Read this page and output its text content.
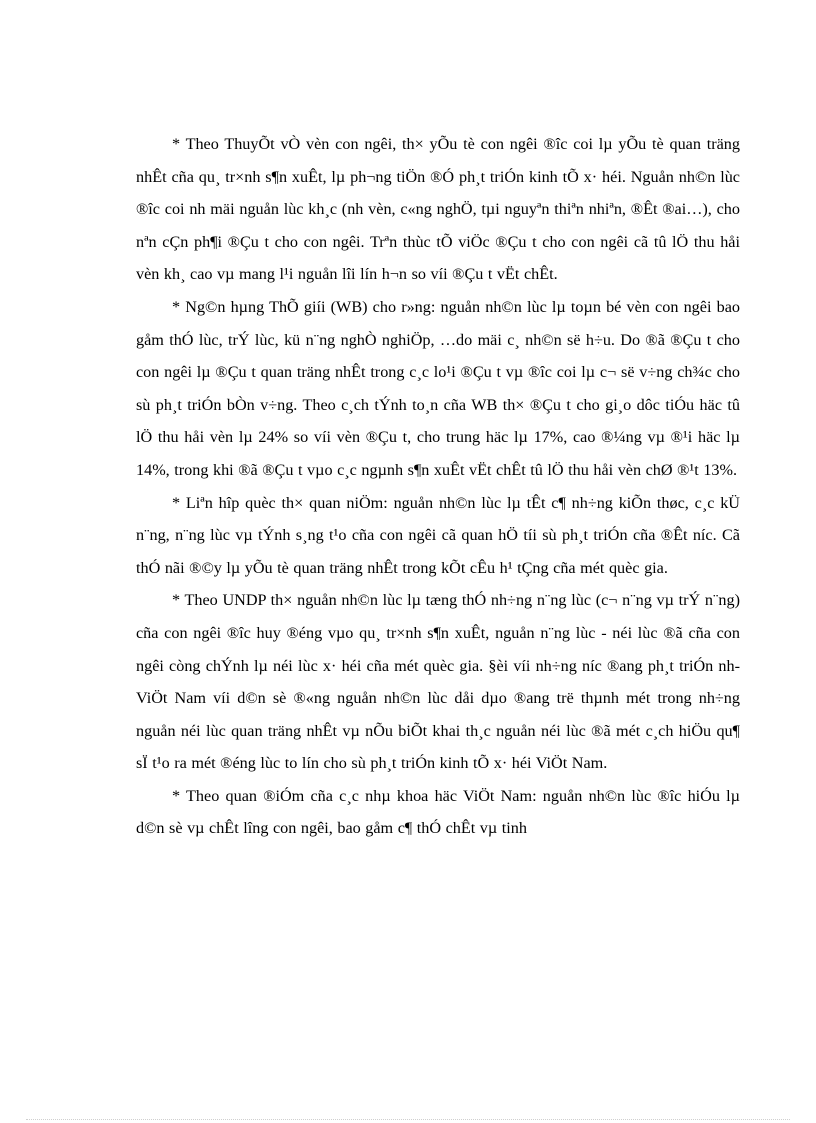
* Theo ThuyÕt vÒ vèn con ngêi, th× yÕu tè con ngêi ®îc coi lµ yÕu tè quan träng nhÊt cña qu¸ tr×nh s¶n xuÊt, lµ ph¬ng tiÖn ®Ó ph¸t triÓn kinh tÕ x· héi. Nguån nh©n lùc ®îc coi nh mäi nguån lùc kh¸c (nh vèn, c«ng nghÖ, tµi nguyªn thiªn nhiªn, ®Êt ®ai…), cho nªn cÇn ph¶i ®Çu t cho con ngêi. Trªn thùc tÕ viÖc ®Çu t cho con ngêi cã tû lÖ thu håi vèn kh¸ cao vµ mang l¹i nguån lîi lín h¬n so víi ®Çu t vËt chÊt.

* Ng©n hµng ThÕ giíi (WB) cho r»ng: nguån nh©n lùc lµ toµn bé vèn con ngêi bao gåm thÓ lùc, trÝ lùc, kü n¨ng nghÒ nghiÖp, …do mäi c¸ nh©n së h÷u. Do ®ã ®Çu t cho con ngêi lµ ®Çu t quan träng nhÊt trong c¸c lo¹i ®Çu t vµ ®îc coi lµ c¬ së v÷ng ch¾c cho sù ph¸t triÓn bÒn v÷ng. Theo c¸ch tÝnh to¸n cña WB th× ®Çu t cho gi¸o dôc tiÓu häc tû lÖ thu håi vèn lµ 24% so víi vèn ®Çu t, cho trung häc lµ 17%, cao ®¼ng vµ ®¹i häc lµ 14%, trong khi ®ã ®Çu t vµo c¸c ngµnh s¶n xuÊt vËt chÊt tû lÖ thu håi vèn chØ ®¹t 13%.

* Liªn hîp quèc th× quan niÖm: nguån nh©n lùc lµ tÊt c¶ nh÷ng kiÕn thøc, c¸c kÜ n¨ng, n¨ng lùc vµ tÝnh s¸ng t¹o cña con ngêi cã quan hÖ tíi sù ph¸t triÓn cña ®Êt níc. Cã thÓ nãi ®©y lµ yÕu tè quan träng nhÊt trong kÕt cÊu h¹ tÇng cña mét quèc gia.

* Theo UNDP th× nguån nh©n lùc lµ tæng thÓ nh÷ng n¨ng lùc (c¬ n¨ng vµ trÝ n¨ng) cña con ngêi ®îc huy ®éng vµo qu¸ tr×nh s¶n xuÊt, nguån n¨ng lùc - néi lùc ®ã cña con ngêi còng chÝnh lµ néi lùc x· héi cña mét quèc gia. §èi víi nh÷ng níc ®ang ph¸t triÓn nh ViÖt Nam víi d©n sè ®«ng nguån nh©n lùc dåi dµo ®ang trë thµnh mét trong nh÷ng nguån néi lùc quan träng nhÊt vµ nÕu biÕt khai th¸c nguån néi lùc ®ã mét c¸ch hiÖu qu¶ sÏ t¹o ra mét ®éng lùc to lín cho sù ph¸t triÓn kinh tÕ x· héi ViÖt Nam.

* Theo quan ®iÓm cña c¸c nhµ khoa häc ViÖt Nam: nguån nh©n lùc ®îc hiÓu lµ d©n sè vµ chÊt lîng con ngêi, bao gåm c¶ thÓ chÊt vµ tinh
